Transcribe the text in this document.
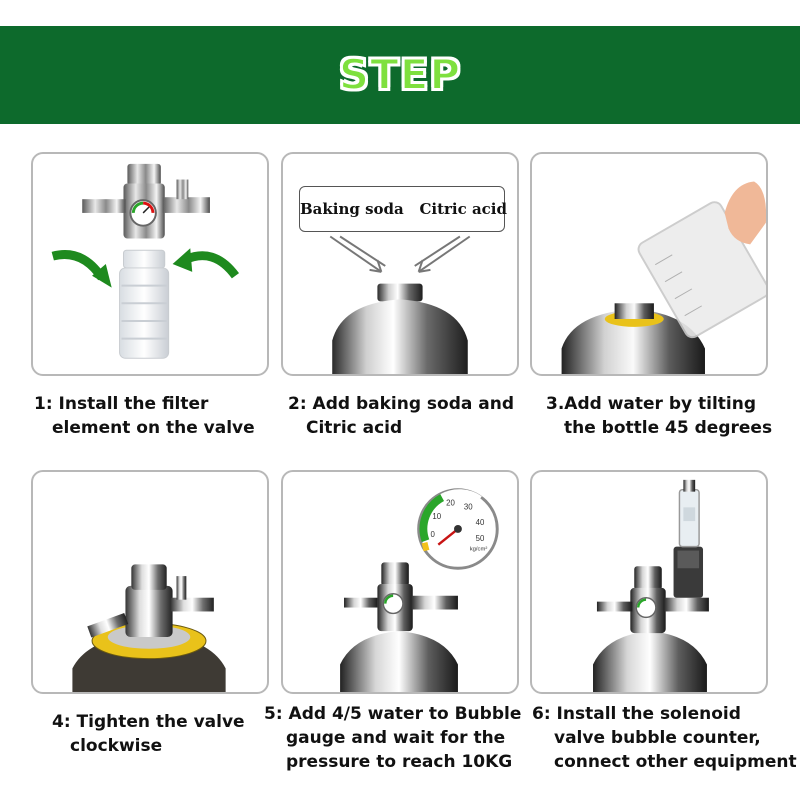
STEP
1: Install the filter
element on the valve
Baking soda Citric acid
2: Add baking soda and
Citric acid
3.Add water by tilting
the bottle 45 degrees
4: Tighten the valve
clockwise
10
20 30
40
50
0
kg/cm²
5: Add 4/5 water to Bubble
gauge and wait for the
pressure to reach 10KG
6: Install the solenoid
valve bubble counter,
connect other equipment
